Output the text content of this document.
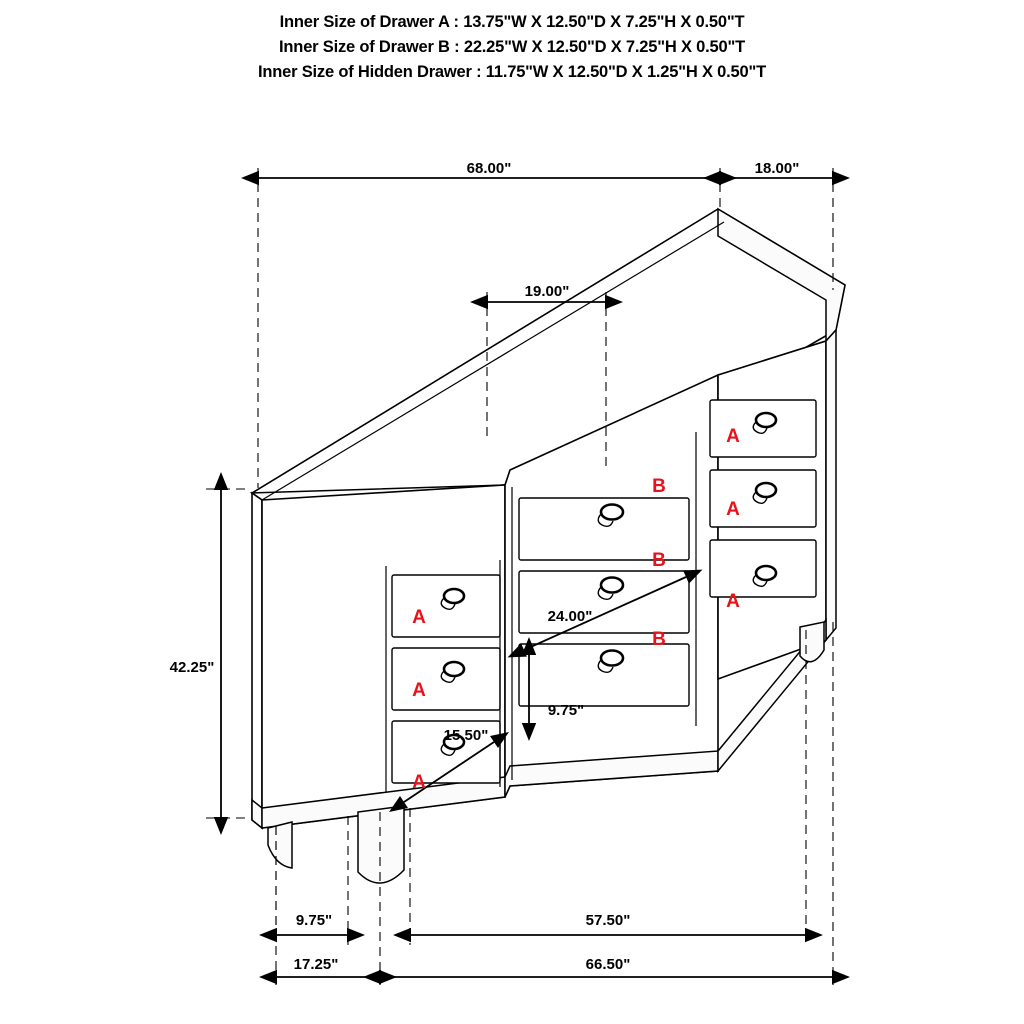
Inner Size of Drawer A : 13.75"W X 12.50"D X 7.25"H X 0.50"T
Inner Size of Drawer B : 22.25"W X 12.50"D X 7.25"H X 0.50"T
Inner Size of Hidden Drawer : 11.75"W X 12.50"D X 1.25"H X 0.50"T
68.00"	18.00"
19.00"
42.25"
24.00"
9.75"
15.50"
9.75"	57.50"
17.25"	66.50"
A
A
A
B
B
B
A
A
A
